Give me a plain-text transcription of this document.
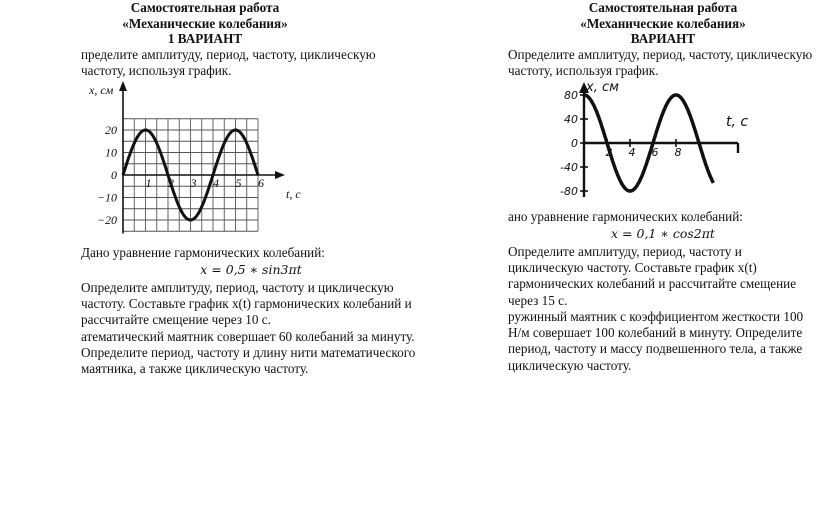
Самостоятельная работа
«Механические колебания»
1 ВАРИАНТ

пределите амплитуду, период, частоту, циклическую частоту, используя график.

x, см
t, с
20
10
0
−10
−20
1 2 3 4 5 6

Дано уравнение гармонических колебаний:

x = 0,5 ∗ sin3πt

Определите амплитуду, период, частоту и циклическую частоту. Составьте график x(t) гармонических колебаний и рассчитайте смещение через 10 с.

атематический маятник совершает 60 колебаний за минуту. Определите период, частоту и длину нити математического маятника, а также циклическую частоту.

Самостоятельная работа
«Механические колебания»
ВАРИАНТ

Определите амплитуду, период, частоту, циклическую частоту, используя график.

x, см
t, c
80
40
0
-40
-80
2 4 6 8

ано уравнение гармонических колебаний:

x = 0,1 ∗ cos2πt

Определите амплитуду, период, частоту и циклическую частоту. Составьте график x(t) гармонических колебаний и рассчитайте смещение через 15 с.

ружинный маятник с коэффициентом жесткости 100 Н/м совершает 100 колебаний в минуту. Определите период, частоту и массу подвешенного тела, а также циклическую частоту.
